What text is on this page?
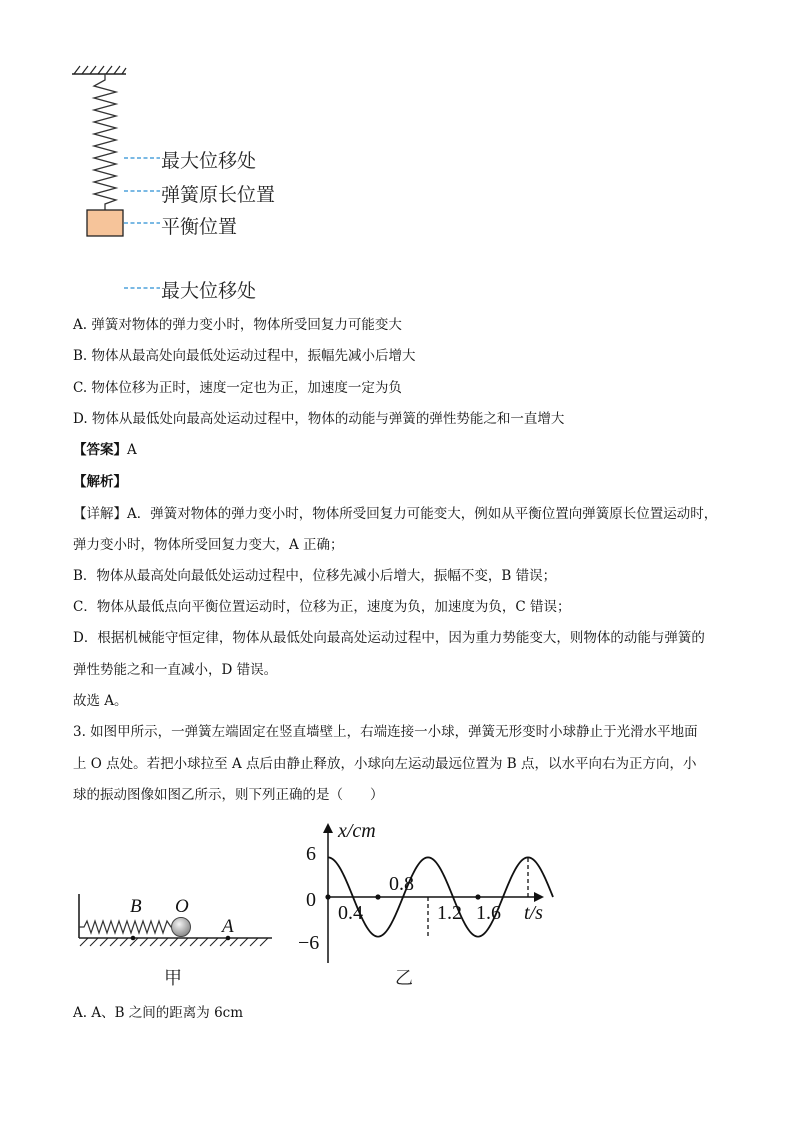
最大位移处
弹簧原长位置
平衡位置
最大位移处
A. 弹簧对物体的弹力变小时，物体所受回复力可能变大
B. 物体从最高处向最低处运动过程中，振幅先减小后增大
C. 物体位移为正时，速度一定也为正，加速度一定为负
D. 物体从最低处向最高处运动过程中，物体的动能与弹簧的弹性势能之和一直增大
【答案】A
【解析】
【详解】A．弹簧对物体的弹力变小时，物体所受回复力可能变大，例如从平衡位置向弹簧原长位置运动时，
弹力变小时，物体所受回复力变大，A 正确；
B．物体从最高处向最低处运动过程中，位移先减小后增大，振幅不变，B 错误；
C．物体从最低点向平衡位置运动时，位移为正，速度为负，加速度为负，C 错误；
D．根据机械能守恒定律，物体从最低处向最高处运动过程中，因为重力势能变大，则物体的动能与弹簧的
弹性势能之和一直减小，D 错误。
故选 A。
3. 如图甲所示，一弹簧左端固定在竖直墙壁上，右端连接一小球，弹簧无形变时小球静止于光滑水平地面
上 O 点处。若把小球拉至 A 点后由静止释放，小球向左运动最远位置为 B 点，以水平向右为正方向，小
球的振动图像如图乙所示，则下列正确的是（　　）
B O
A
甲
x/cm
t/s
6
0
−6
0.4
0.8
1.2 1.6
乙
A. A、B 之间的距离为 6cm
